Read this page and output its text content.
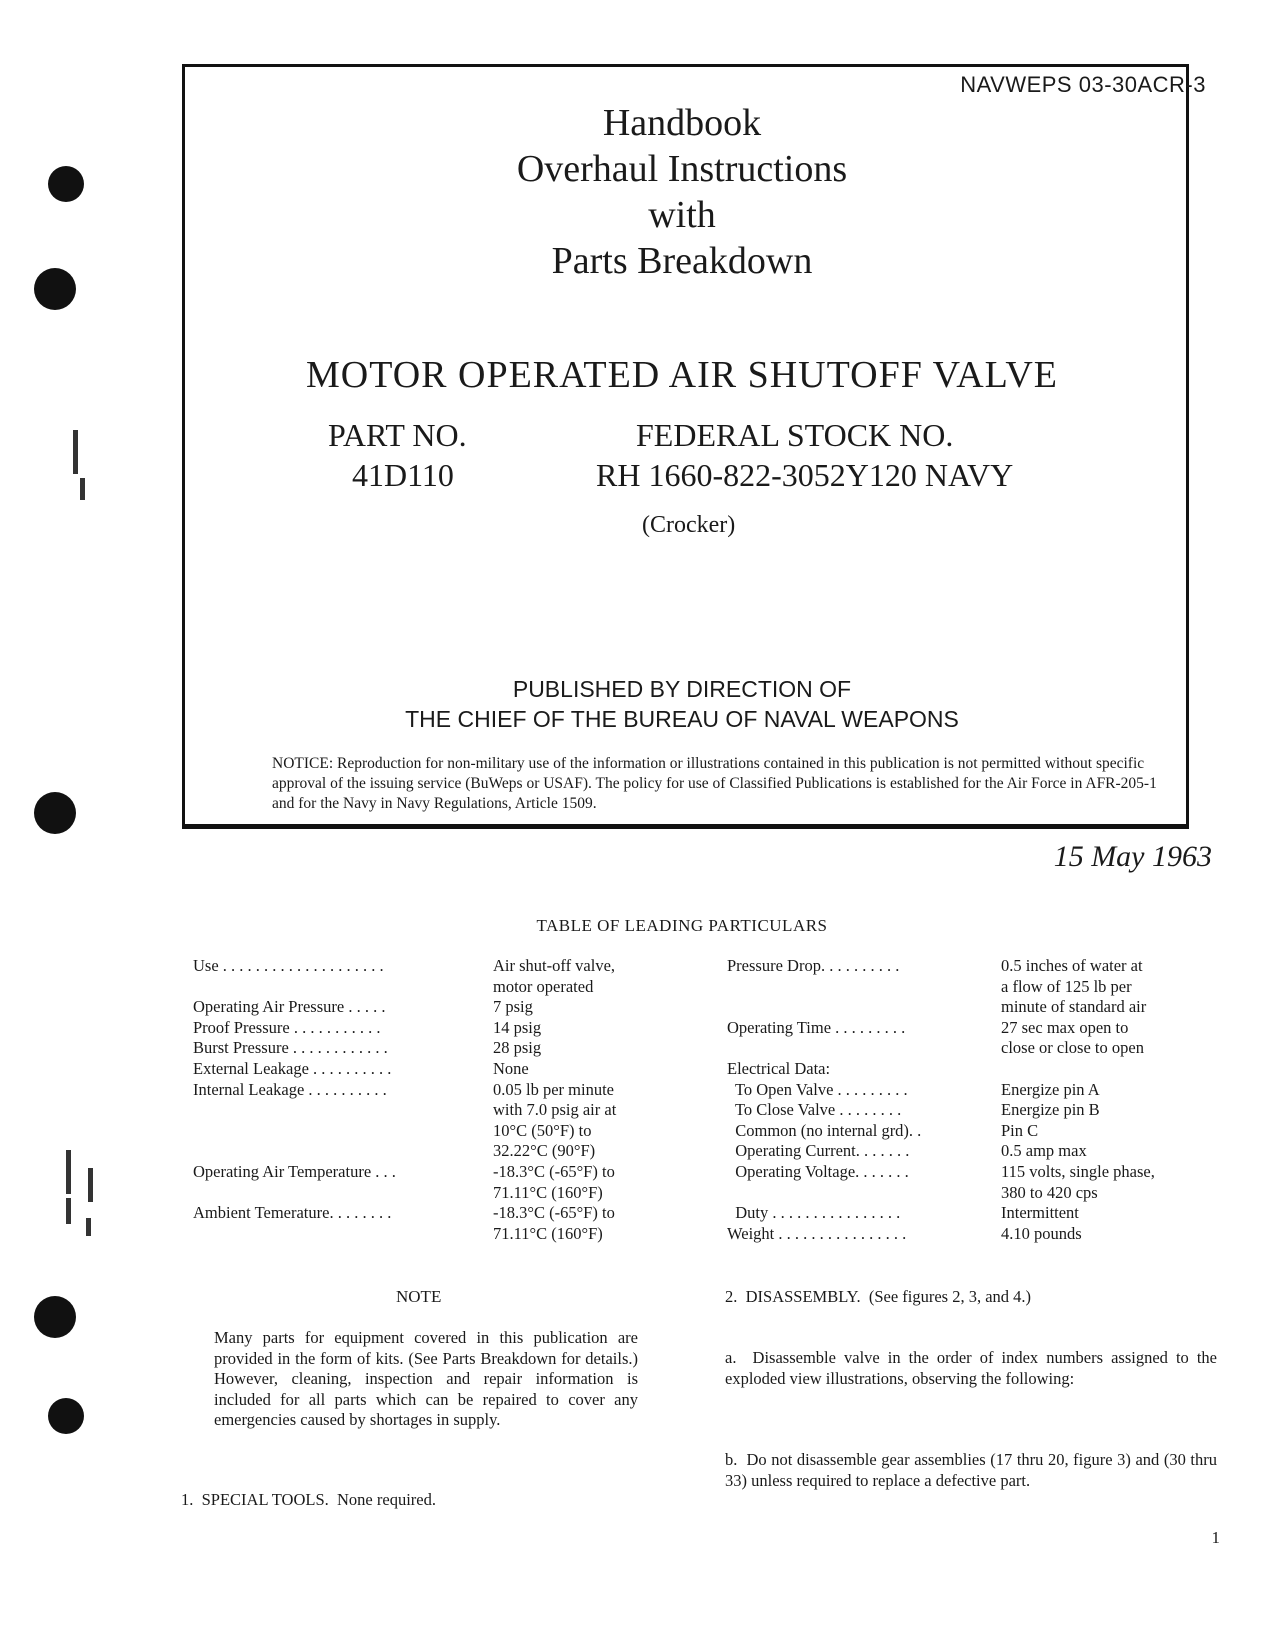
NAVWEPS 03-30ACR-3
Handbook
Overhaul Instructions
with
Parts Breakdown
MOTOR OPERATED AIR SHUTOFF VALVE
PART NO.
41D110
FEDERAL STOCK NO.
RH 1660-822-3052Y120 NAVY
(Crocker)
PUBLISHED BY DIRECTION OF
THE CHIEF OF THE BUREAU OF NAVAL WEAPONS
NOTICE: Reproduction for non-military use of the information or illustrations contained in this publication is not permitted without specific approval of the issuing service (BuWeps or USAF). The policy for use of Classified Publications is established for the Air Force in AFR-205-1 and for the Navy in Navy Regulations, Article 1509.
15 May 1963
TABLE OF LEADING PARTICULARS
Use . . . . . . . . . . . . . . . . . . . .	Air shut-off valve,
motor operated
Operating Air Pressure . . . . .	7 psig
Proof Pressure . . . . . . . . . . .	14 psig
Burst Pressure . . . . . . . . . . . .	28 psig
External Leakage . . . . . . . . . .	None
Internal Leakage . . . . . . . . . .	0.05 lb per minute
with 7.0 psig air at
10°C (50°F) to
32.22°C (90°F)
Operating Air Temperature . . .	-18.3°C (-65°F) to
71.11°C (160°F)
Ambient Temerature. . . . . . . .	-18.3°C (-65°F) to
71.11°C (160°F)
Pressure Drop. . . . . . . . . .	0.5 inches of water at
a flow of 125 lb per
minute of standard air
Operating Time . . . . . . . . .	27 sec max open to
close or close to open
Electrical Data:
To Open Valve . . . . . . . . .	Energize pin A
To Close Valve . . . . . . . .	Energize pin B
Common (no internal grd). .	Pin C
Operating Current. . . . . . .	0.5 amp max
Operating Voltage. . . . . . .	115 volts, single phase,
380 to 420 cps
Duty . . . . . . . . . . . . . . . .	Intermittent
Weight . . . . . . . . . . . . . . . .	4.10 pounds
NOTE
Many parts for equipment covered in this publication are provided in the form of kits. (See Parts Breakdown for details.) However, cleaning, inspection and repair information is included for all parts which can be repaired to cover any emergencies caused by shortages in supply.
1.  SPECIAL TOOLS.  None required.
2.  DISASSEMBLY.  (See figures 2, 3, and 4.)
a.  Disassemble valve in the order of index numbers assigned to the exploded view illustrations, observing the following:
b.  Do not disassemble gear assemblies (17 thru 20, figure 3) and (30 thru 33) unless required to replace a defective part.
1
